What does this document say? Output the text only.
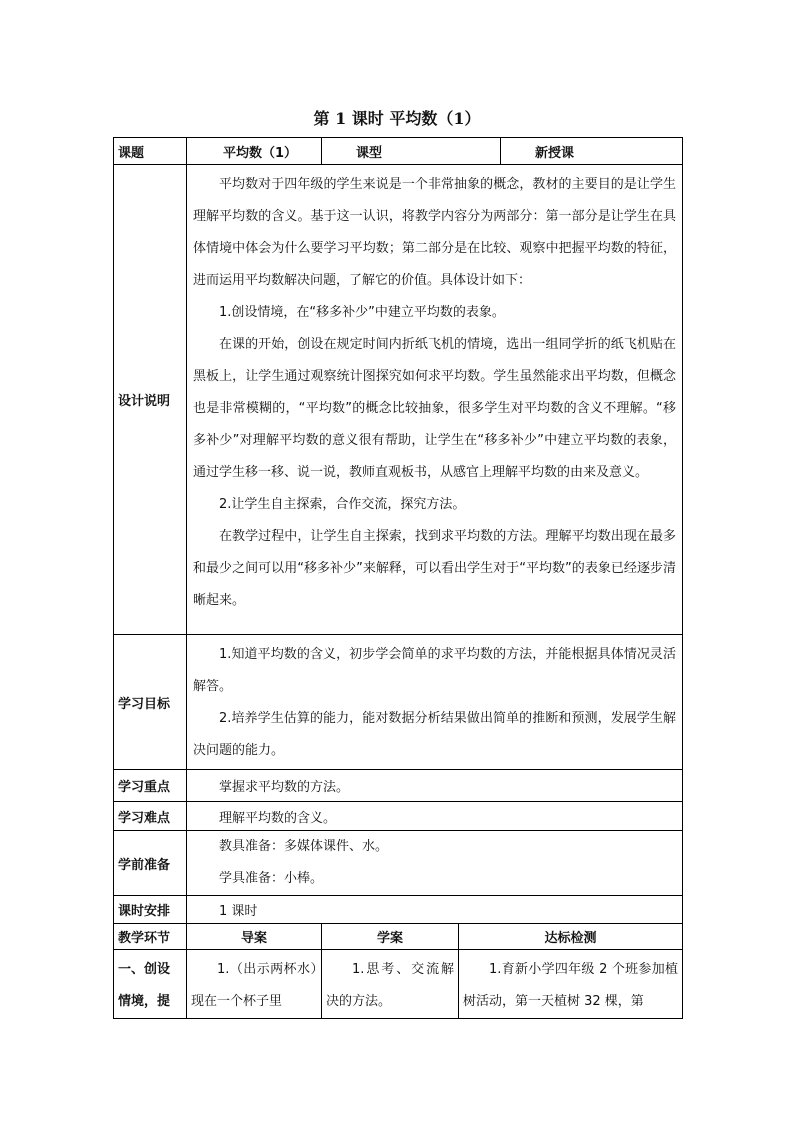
第 1 课时 平均数（1）
课题	平均数（1）	课型		新授课
设计说明	平均数对于四年级的学生来说是一个非常抽象的概念，教材的主要目的是让学生理解平均数的含义。基于这一认识，将教学内容分为两部分：第一部分是让学生在具体情境中体会为什么要学习平均数；第二部分是在比较、观察中把握平均数的特征，进而运用平均数解决问题，了解它的价值。具体设计如下：
1.创设情境，在“移多补少”中建立平均数的表象。
在课的开始，创设在规定时间内折纸飞机的情境，选出一组同学折的纸飞机贴在黑板上，让学生通过观察统计图探究如何求平均数。学生虽然能求出平均数，但概念也是非常模糊的，“平均数”的概念比较抽象，很多学生对平均数的含义不理解。“移多补少”对理解平均数的意义很有帮助，让学生在“移多补少”中建立平均数的表象，通过学生移一移、说一说，教师直观板书，从感官上理解平均数的由来及意义。
2.让学生自主探索，合作交流，探究方法。
在教学过程中，让学生自主探索，找到求平均数的方法。理解平均数出现在最多和最少之间可以用“移多补少”来解释，可以看出学生对于“平均数”的表象已经逐步清晰起来。			

学习目标	1.知道平均数的含义，初步学会简单的求平均数的方法，并能根据具体情况灵活解答。
2.培养学生估算的能力，能对数据分析结果做出简单的推断和预测，发展学生解决问题的能力。			

学习重点	掌握求平均数的方法。			
学习难点	理解平均数的含义。			
学前准备	教具准备：多媒体课件、水。
学具准备：小棒。			

课时安排	1 课时			
教学环节	导案	学案	达标检测	
一、创设情境，提	1.（出示两杯水）现在一个杯子里	1.思考、交流解决的方法。	1.育新小学四年级 2 个班参加植树活动，第一天植树 32 棵，第	
